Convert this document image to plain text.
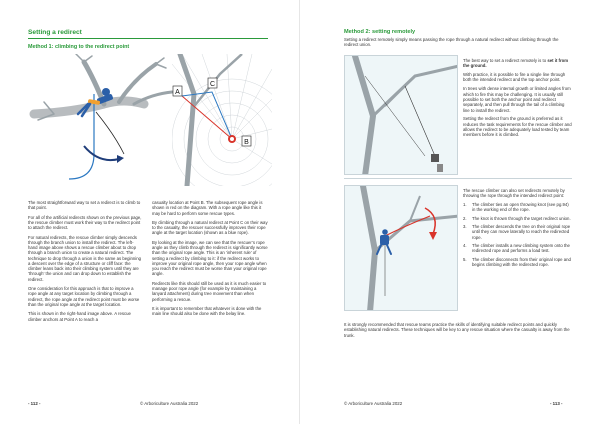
Setting a redirect
Method 1: climbing to the redirect point
A
C
B

The most straightforward way to set a redirect is to climb to that point.

For all of the artificial redirects shown on the previous page, the rescue climber must work their way to the redirect point to attach the redirect.

For natural redirects, the rescue climber simply descends through the branch union to install the redirect. The left-hand image above shows a rescue climber about to drop through a branch union to create a natural redirect. The technique to drop through a union is the same as beginning a descent over the edge of a structure or cliff face: the climber leans back into their climbing system until they are ‘through’ the union and can drop down to establish the redirect.

One consideration for this approach is that to improve a rope angle at any target location by climbing through a redirect, the rope angle at the redirect point must be worse than the original rope angle at the target location.

This is shown in the right-hand image above. A rescue climber anchors at Point A to reach a

casualty location at Point B. The subsequent rope angle is shown in red on the diagram. With a rope angle like this it may be hard to perform some rescue types.

By climbing through a natural redirect at Point C on their way to the casualty, the rescuer successfully improves their rope angle at the target location (shown as a blue rope).

By looking at the image, we can see that the rescuer’s rope angle as they climb through the redirect is significantly worse than the original rope angle. This is an ‘inherent rule’ of setting a redirect by climbing to it: if the redirect works to improve your original rope angle, then your rope angle when you reach the redirect must be worse than your original rope angle.

Redirects like this should still be used as it is much easier to manage poor rope angle (for example by maintaining a lanyard attachment) during tree movement than when performing a rescue.

It is important to remember that whatever is done with the main line should also be done with the belay line.

- 112 -	© Arboriculture Australia 2022
Method 2: setting remotely
Setting a redirect remotely simply means passing the rope through a natural redirect without climbing through the redirect union.

The best way to set a redirect remotely is to set it from the ground.

With practice, it is possible to fire a single line through both the intended redirect and the top anchor point.

In trees with dense internal growth or limited angles from which to fire this may be challenging. It is usually still possible to set both the anchor point and redirect separately, and then pull through the tail of a climbing line to install the redirect.

Setting the redirect from the ground is preferred as it reduces the task requirements for the rescue climber and allows the redirect to be adequately load tested by team members before it is climbed.

The rescue climber can also set redirects remotely by throwing the rope through the intended redirect point:

1. The climber ties an open throwing knot (see pg.94) in the working end of the rope.
2. The knot is thrown through the target redirect union.
3. The climber descends the tree on their original rope until they can move laterally to reach the redirected rope.
4. The climber installs a new climbing system onto the redirected rope and performs a load test.
5. The climber disconnects from their original rope and begins climbing with the redirected rope.
It is strongly recommended that rescue teams practice the skills of identifying suitable redirect points and quickly establishing natural redirects. These techniques will be key to any rescue situation where the casualty is away from the trunk.
© Arboriculture Australia 2022	- 113 -
